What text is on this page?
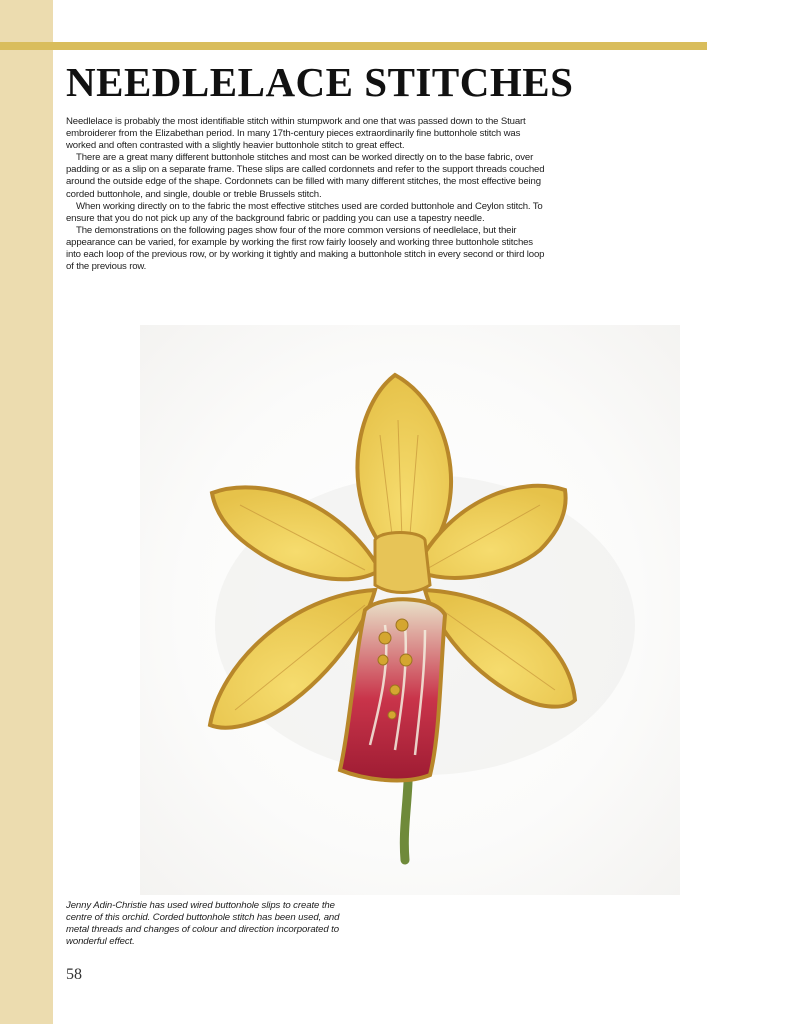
NEEDLELACE STITCHES

Needlelace is probably the most identifiable stitch within stumpwork and one that was passed down to the Stuart embroiderer from the Elizabethan period. In many 17th-century pieces extraordinarily fine buttonhole stitch was worked and often contrasted with a slightly heavier buttonhole stitch to great effect.

There are a great many different buttonhole stitches and most can be worked directly on to the base fabric, over padding or as a slip on a separate frame. These slips are called cordonnets and refer to the support threads couched around the outside edge of the shape. Cordonnets can be filled with many different stitches, the most effective being corded buttonhole, and single, double or treble Brussels stitch.

When working directly on to the fabric the most effective stitches used are corded buttonhole and Ceylon stitch. To ensure that you do not pick up any of the background fabric or padding you can use a tapestry needle.

The demonstrations on the following pages show four of the more common versions of needlelace, but their appearance can be varied, for example by working the first row fairly loosely and working three buttonhole stitches into each loop of the previous row, or by working it tightly and making a buttonhole stitch in every second or third loop of the previous row.

Jenny Adin-Christie has used wired buttonhole slips to create the centre of this orchid. Corded buttonhole stitch has been used, and metal threads and changes of colour and direction incorporated to wonderful effect.

58
